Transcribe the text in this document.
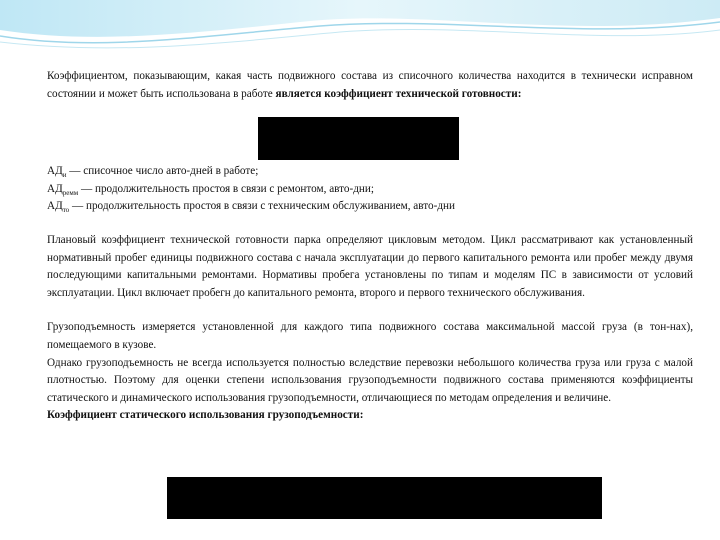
Коэффициентом, показывающим, какая часть подвижного состава из списочного количества находится в технически исправном состоянии и может быть использована в работе является коэффициент технической готовности:

$АД_и$ — списочное число авто-дней в работе;

$АД_{ремм}$ — продолжительность простоя в связи с ремонтом, авто-дни;

$АД_{то}$ — продолжительность простоя в связи с техническим обслуживанием, авто-дни

Плановый коэффициент технической готовности парка определяют цикловым методом. Цикл рассматривают как установленный нормативный пробег единицы подвижного состава с начала эксплуатации до первого капитального ремонта или пробег между двумя последующими капитальными ремонтами. Нормативы пробега установлены по типам и моделям ПС в зависимости от условий эксплуатации. Цикл включает пробегн до капитального ремонта, второго и первого технического обслуживания.

Грузоподъемность измеряется установленной для каждого типа подвижного состава максимальной массой груза (в тон-нах), помещаемого в кузове.

Однако грузоподъемность не всегда используется полностью вследствие перевозки небольшого количества груза или груза с малой плотностью. Поэтому для оценки степени использования грузоподъемности подвижного состава применяются коэффициенты статического и динамического использования грузоподъемности, отличающиеся по методам определения и величине.

Коэффициент статического использования грузоподъемности:
